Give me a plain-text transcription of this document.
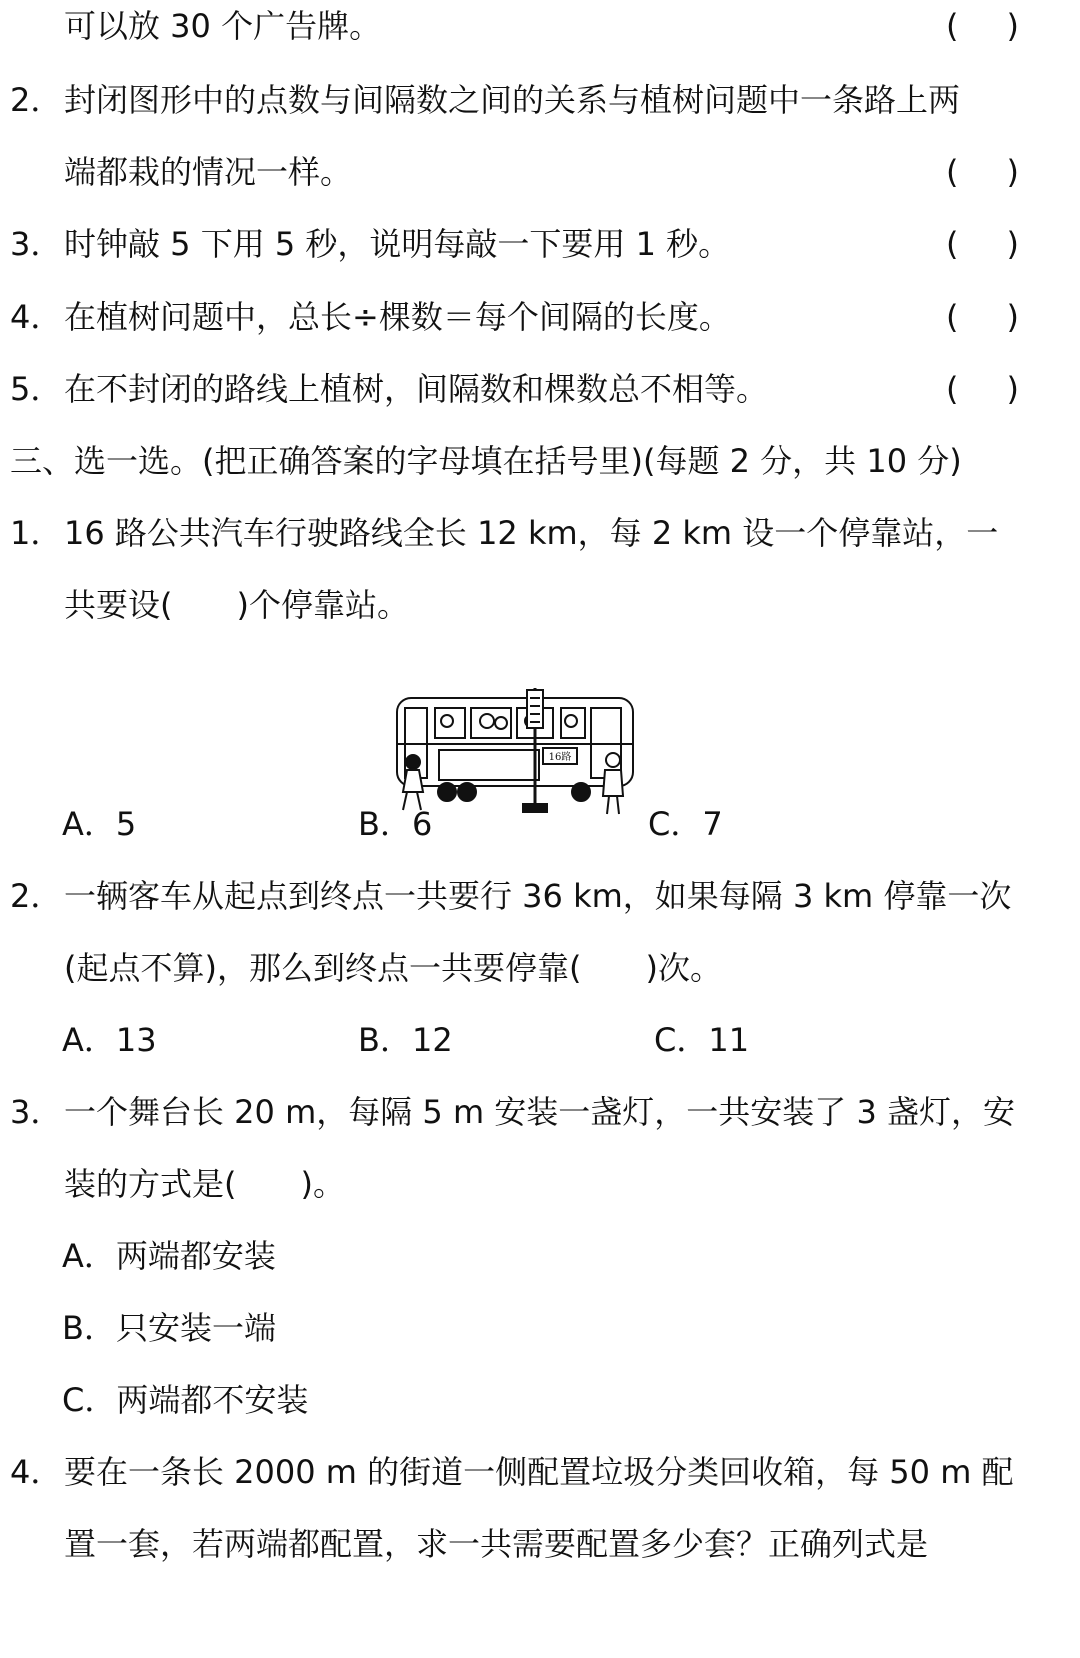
可以放 30 个广告牌。	()
2． 封闭图形中的点数与间隔数之间的关系与植树问题中一条路上两
端都栽的情况一样。	()
3． 时钟敲 5 下用 5 秒，说明每敲一下要用 1 秒。	()
4． 在植树问题中，总长÷棵数＝每个间隔的长度。	()
5． 在不封闭的路线上植树，间隔数和棵数总不相等。	()
三、选一选。(把正确答案的字母填在括号里)(每题 2 分，共 10 分)
1． 16 路公共汽车行驶路线全长 12 km，每 2 km 设一个停靠站，一
共要设(　　)个停靠站。
16路
A．5	B．6	C．7
2． 一辆客车从起点到终点一共要行 36 km，如果每隔 3 km 停靠一次
(起点不算)，那么到终点一共要停靠(　　)次。
A．13	B．12	C．11
3． 一个舞台长 20 m，每隔 5 m 安装一盏灯，一共安装了 3 盏灯，安
装的方式是(　　)。
A．两端都安装
B．只安装一端
C．两端都不安装
4． 要在一条长 2000 m 的街道一侧配置垃圾分类回收箱，每 50 m 配
置一套，若两端都配置，求一共需要配置多少套？正确列式是
